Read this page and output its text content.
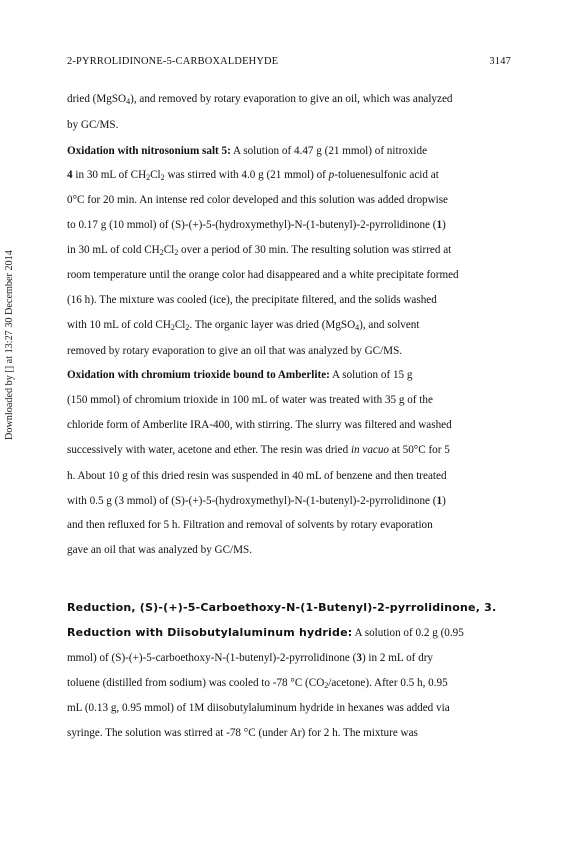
2-PYRROLIDINONE-5-CARBOXALDEHYDE	3147
Downloaded by [] at 13:27 30 December 2014
dried (MgSO$_4$), and removed by rotary evaporation to give an oil, which was analyzed
by GC/MS.
Oxidation with nitrosonium salt 5: A solution of 4.47 g (21 mmol) of nitroxide
4 in 30 mL of $CH_2Cl_2$ was stirred with 4.0 g (21 mmol) of p-toluenesulfonic acid at
0°C for 20 min. An intense red color developed and this solution was added dropwise
to 0.17 g (10 mmol) of (S)-(+)-5-(hydroxymethyl)-N-(1-butenyl)-2-pyrrolidinone (1)
in 30 mL of cold $CH_2Cl_2$ over a period of 30 min. The resulting solution was stirred at
room temperature until the orange color had disappeared and a white precipitate formed
(16 h). The mixture was cooled (ice), the precipitate filtered, and the solids washed
with 10 mL of cold $CH_2Cl_2$. The organic layer was dried (MgSO$_4$), and solvent
removed by rotary evaporation to give an oil that was analyzed by GC/MS.
Oxidation with chromium trioxide bound to Amberlite: A solution of 15 g
(150 mmol) of chromium trioxide in 100 mL of water was treated with 35 g of the
chloride form of Amberlite IRA-400, with stirring. The slurry was filtered and washed
successively with water, acetone and ether. The resin was dried in vacuo at 50°C for 5
h. About 10 g of this dried resin was suspended in 40 mL of benzene and then treated
with 0.5 g (3 mmol) of (S)-(+)-5-(hydroxymethyl)-N-(1-butenyl)-2-pyrrolidinone (1)
and then refluxed for 5 h. Filtration and removal of solvents by rotary evaporation
gave an oil that was analyzed by GC/MS.
Reduction, (S)-(+)-5-Carboethoxy-N-(1-Butenyl)-2-pyrrolidinone, 3.
Reduction with Diisobutylaluminum hydride: A solution of 0.2 g (0.95
mmol) of (S)-(+)-5-carboethoxy-N-(1-butenyl)-2-pyrrolidinone (3) in 2 mL of dry
toluene (distilled from sodium) was cooled to -78 °C $(CO_2/acetone)$. After 0.5 h, 0.95
mL (0.13 g, 0.95 mmol) of 1M diisobutylaluminum hydride in hexanes was added via
syringe. The solution was stirred at -78 °C (under Ar) for 2 h. The mixture was
